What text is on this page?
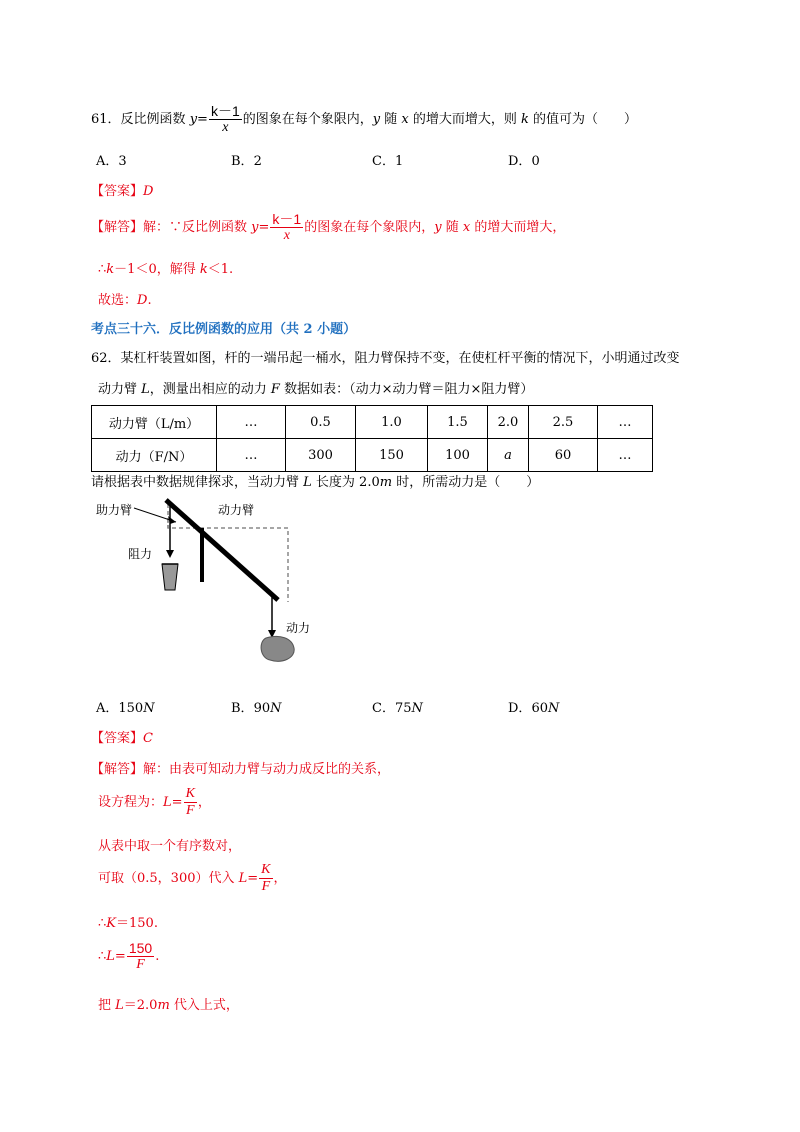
61．反比例函数 $y= \frac{k-1}{x}$ 的图象在每个象限内，y 随 x 的增大而增大，则 k 的值可为（　　）
A．3	B．2	C．1	D．0
【答案】D
【解答】解：∵反比例函数 $y= \frac{k-1}{x}$ 的图象在每个象限内，y 随 x 的增大而增大，
∴k－1＜0，解得 k＜1.
故选：D.
考点三十六．反比例函数的应用（共 2 小题）
62．某杠杆装置如图，杆的一端吊起一桶水，阻力臂保持不变，在使杠杆平衡的情况下，小明通过改变
动力臂 L，测量出相应的动力 F 数据如表：（动力×动力臂＝阻力×阻力臂）
动力臂（L/m）	…	0.5	1.0	1.5	2.0	2.5	…
动力（F/N）	…	300	150	100	a	60	…
请根据表中数据规律探求，当动力臂 L 长度为 2.0m 时，所需动力是（　　）
助力臂	动力臂
阻力
动力
A．150N	B．90N	C．75N	D．60N
【答案】C
【解答】解：由表可知动力臂与动力成反比的关系，
设方程为：$L= \frac{K}{F}$ ，
从表中取一个有序数对，
可取（0.5，300）代入 $L= \frac{K}{F}$ ，
∴K＝150.
∴L= $\frac{150}{F}$ .
把 L＝2.0m 代入上式，
